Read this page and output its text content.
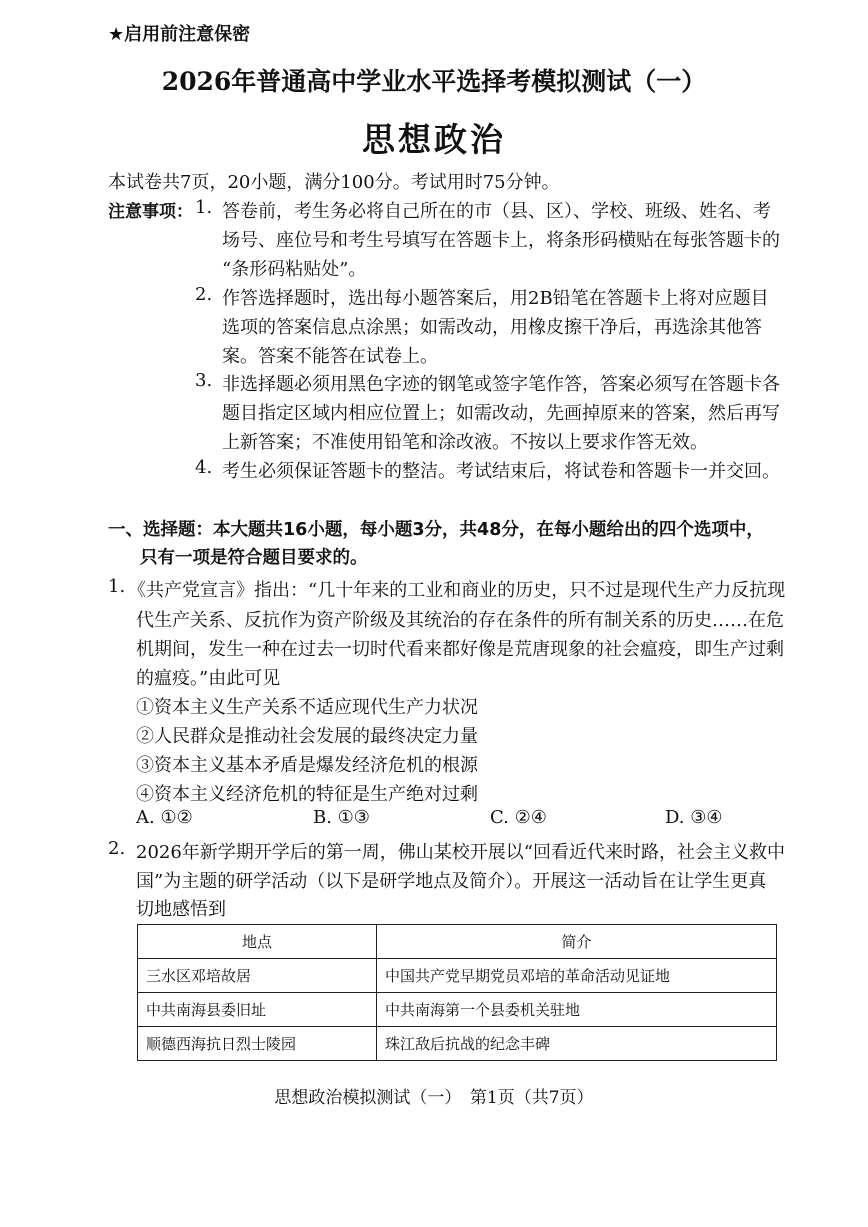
★启用前注意保密
2026年普通高中学业水平选择考模拟测试（一）
思想政治
本试卷共7页，20小题，满分100分。考试用时75分钟。
注意事项： 1. 答卷前，考生务必将自己所在的市（县、区）、学校、班级、姓名、考
场号、座位号和考生号填写在答题卡上，将条形码横贴在每张答题卡的
“条形码粘贴处”。
2. 作答选择题时，选出每小题答案后，用2B铅笔在答题卡上将对应题目
选项的答案信息点涂黑；如需改动，用橡皮擦干净后，再选涂其他答
案。答案不能答在试卷上。
3. 非选择题必须用黑色字迹的钢笔或签字笔作答，答案必须写在答题卡各
题目指定区域内相应位置上；如需改动，先画掉原来的答案，然后再写
上新答案；不准使用铅笔和涂改液。不按以上要求作答无效。
4. 考生必须保证答题卡的整洁。考试结束后，将试卷和答题卡一并交回。
一、选择题：本大题共16小题，每小题3分，共48分，在每小题给出的四个选项中，
只有一项是符合题目要求的。
1. 《共产党宣言》指出：“几十年来的工业和商业的历史，只不过是现代生产力反抗现
代生产关系、反抗作为资产阶级及其统治的存在条件的所有制关系的历史……在危
机期间，发生一种在过去一切时代看来都好像是荒唐现象的社会瘟疫，即生产过剩
的瘟疫。”由此可见
①资本主义生产关系不适应现代生产力状况
②人民群众是推动社会发展的最终决定力量
③资本主义基本矛盾是爆发经济危机的根源
④资本主义经济危机的特征是生产绝对过剩
A. ①②	B. ①③	C. ②④	D. ③④
2. 2026年新学期开学后的第一周，佛山某校开展以“回看近代来时路，社会主义救中
国”为主题的研学活动（以下是研学地点及简介）。开展这一活动旨在让学生更真
切地感悟到
地点	简介
三水区邓培故居	中国共产党早期党员邓培的革命活动见证地
中共南海县委旧址	中共南海第一个县委机关驻地
顺德西海抗日烈士陵园	珠江敌后抗战的纪念丰碑
思想政治模拟测试（一）　第1页（共7页）
